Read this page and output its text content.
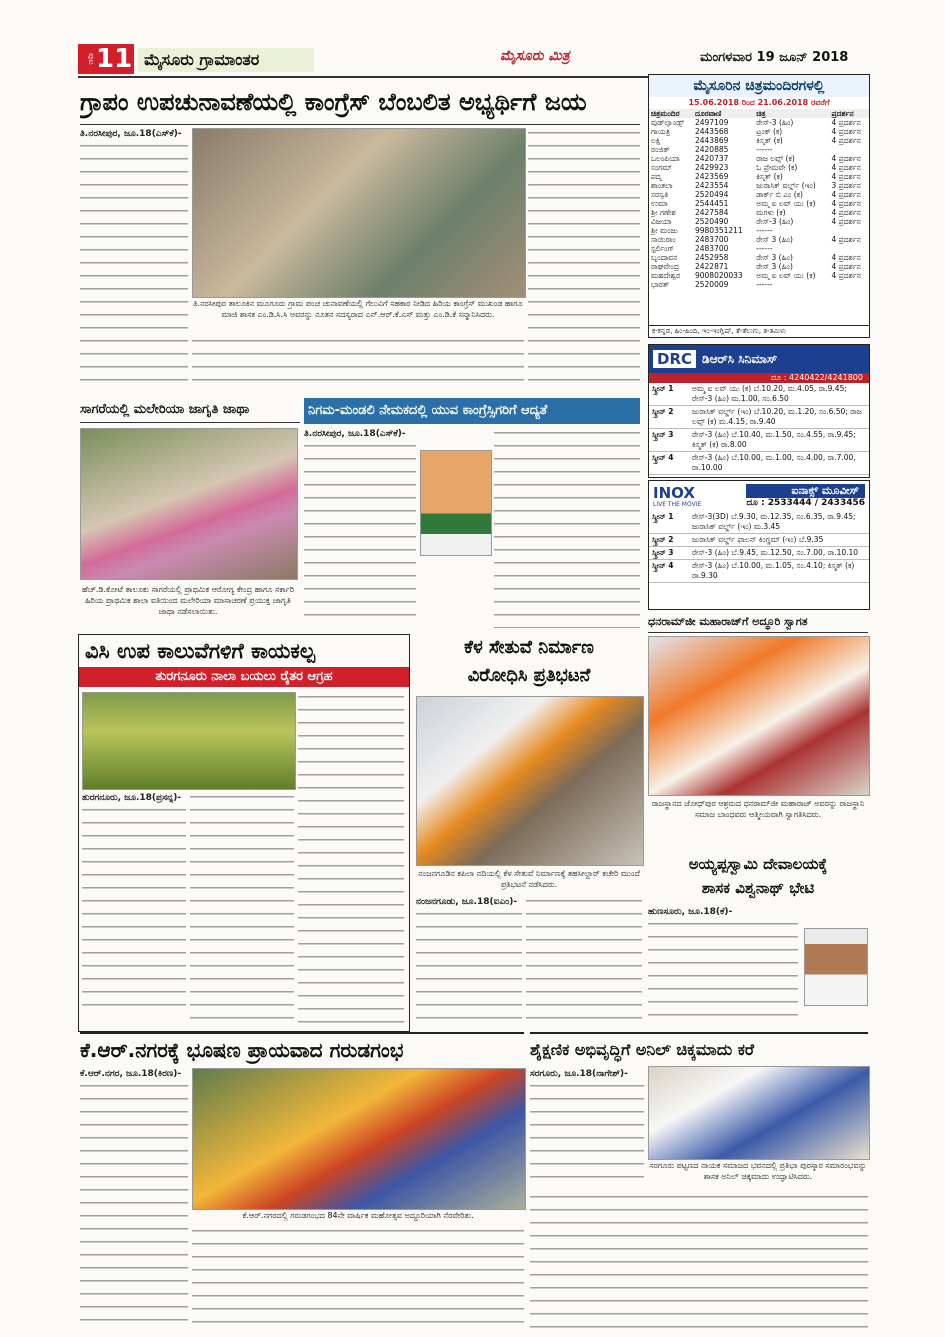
ಪುಟ 11 ಮೈಸೂರು ಗ್ರಾಮಾಂತರ	ಮೈಸೂರು ಮಿತ್ರ	ಮಂಗಳವಾರ 19 ಜೂನ್ 2018
ಗ್ರಾಪಂ ಉಪಚುನಾವಣೆಯಲ್ಲಿ ಕಾಂಗ್ರೆಸ್ ಬೆಂಬಲಿತ ಅಭ್ಯರ್ಥಿಗೆ ಜಯ
ತಿ.ನರಸೀಪುರ, ಜೂ.18(ಎಸ್‌ಕೆ)-
ತಿ.ನರಸೀಪುರ ತಾಲೂಕಿನ ಮೂಗೂರು ಗ್ರಾಮ ಪಂಚ ಚುನಾವಣೆಯಲ್ಲಿ ಗೆಲುವಿಗೆ ಸಹಕಾರ ನೀಡಿದ ಹಿರಿಯ ಕಾಂಗ್ರೆಸ್ ಮುಖಂಡ ಹಾಗೂ ಮಾಜಿ ಶಾಸಕ ಎಂ.ಡಿ.ಸಿ.ಸಿ ಅವರನ್ನು ನೂತನ ಸದಸ್ಯರಾದ ಎನ್.ಆರ್.ಕೆ.ಎಸ್ ಮತ್ತು ಎಂ.ಡಿ.ಕೆ ಸನ್ಮಾನಿಸಿದರು.
ಮೈಸೂರಿನ ಚಿತ್ರಮಂದಿರಗಳಲ್ಲಿ
15.06.2018 ರಿಂದ 21.06.2018 ರವರೆಗೆ
ಚಿತ್ರಮಂದಿರ	ದೂರವಾಣಿ	ಚಿತ್ರ	ಪ್ರದರ್ಶನ
ವುಡ್‌ಲ್ಯಾಂಡ್ಸ್	2497109	ರೇಸ್-3 (ಹಿಂ)	4 ಪ್ರದರ್ಶನ
ಗಾಯತ್ರಿ	2443568	ಟ್ರಂಕ್‌ (ಕ)	4 ಪ್ರದರ್ಶನ
ಲಕ್ಷ್ಮಿ	2443869	ಕಿಸ್ಮತ್ (ಕ)	4 ಪ್ರದರ್ಶನ
ರಂಜಿತ್	2420885	------	
ಒಲಂಪಿಯಾ	2420737	ರಾಜ ಲವ್ಸ್ (ಕ)	4 ಪ್ರದರ್ಶನ
ಸಂಗಮ್	2429923	ಓ ಪ್ರೇಮವೇ (ಕ)	4 ಪ್ರದರ್ಶನ
ಪದ್ಮ	2423569	ಕಿಸ್ಮತ್ (ಕ)	4 ಪ್ರದರ್ಶನ
ಶಾಂತಲಾ	2423554	ಜುರಾಸಿಕ್ ವರ್ಲ್ಡ್ (ಇಂ)	3 ಪ್ರದರ್ಶನ
ಸರಸ್ವತಿ	2520494	ಡಾರ್ಕ್ ಬಿ ಎಂ (ಕ)	4 ಪ್ರದರ್ಶನ
ಉಮಾ	2544451	ಅಮ್ಮ ಐ ಲವ್ ಯು (ಕ)	4 ಪ್ರದರ್ಶನ
ಶ್ರೀ ಗಣೇಶ	2427584	ಮಗಳು (ಕ)	4 ಪ್ರದರ್ಶನ
ವಿಜಯಾ	2520490	ರೇಸ್-3 (ಹಿಂ)	4 ಪ್ರದರ್ಶನ
ಶ್ರೀ ಮಂಜು	9980351211	------	
ಸಾಯಿರಾಂ	2483700	ರೇಸ್ 3 (ಹಿಂ)	4 ಪ್ರದರ್ಶನ
ಸ್ಟರ್ಲಿಂಗ್	2483700	------	
ಬೃಂದಾವನ	2452958	ರೇಸ್ 3 (ಹಿಂ)	4 ಪ್ರದರ್ಶನ
ರಾಘವೇಂದ್ರ	2422871	ರೇಸ್ 3 (ಹಿಂ)	4 ಪ್ರದರ್ಶನ
ಮಹದೇಶ್ವರ	9008020033	ಅಮ್ಮ ಐ ಲವ್ ಯು (ಕ)	4 ಪ್ರದರ್ಶನ
ಭಾರತ್	2520009	------	
ಕ-ಕನ್ನಡ, ಹಿಂ-ಹಿಂದಿ, ಇಂ-ಇಂಗ್ಲಿಷ್, ತೆ-ತೆಲುಗು, ತ-ತಮಿಳು
DRC ಡಿಆರ್‌ಸಿ ಸಿನಿಮಾಸ್
ದೂ : 4240422/4241800
ಸ್ಕ್ರೀನ್ 1	ಅಮ್ಮ ಐ ಲವ್ ಯು (ಕ) ಬೆ.10.20, ಮ.4.05, ರಾ.9.45; ರೇಸ್-3 (ಹಿಂ) ಮ.1.00, ಸಂ.6.50
ಸ್ಕ್ರೀನ್ 2	ಜುರಾಸಿಕ್ ವರ್ಲ್ಡ್ (ಇಂ) ಬೆ.10.20, ಮ.1.20, ಸಂ.6.50; ರಾಜ ಲವ್ಸ್ (ಕ) ಮ.4.15, ರಾ.9.40
ಸ್ಕ್ರೀನ್ 3	ರೇಸ್-3 (ಹಿಂ) ಬೆ.10.40, ಮ.1.50, ಸಂ.4.55, ರಾ.9.45; ಕಿಸ್ಮತ್ (ಕ) ರಾ.8.00
ಸ್ಕ್ರೀನ್ 4	ರೇಸ್-3 (ಹಿಂ) ಬೆ.10.00, ಮ.1.00, ಸಂ.4.00, ರಾ.7.00, ರಾ.10.00
INOX
LIVE THE MOVIE
ಐನಾಕ್ಸ್ ಮೂವೀಸ್
ದೂ : 2533444 / 2433456
ಸ್ಕ್ರೀನ್ 1	ರೇಸ್-3(3D) ಬೆ.9.30, ಮ.12.35, ಸಂ.6.35, ರಾ.9.45; ಜುರಾಸಿಕ್ ವರ್ಲ್ಡ್ (ಇಂ) ಮ.3.45
ಸ್ಕ್ರೀನ್ 2	ಜುರಾಸಿಕ್ ವರ್ಲ್ಡ್ ಫಾಲನ್ ಕಿಂಗ್ಡಮ್ (ಇಂ) ಬೆ.9.35
ಸ್ಕ್ರೀನ್ 3	ರೇಸ್-3 (ಹಿಂ) ಬೆ.9.45, ಮ.12.50, ಸಂ.7.00, ರಾ.10.10
ಸ್ಕ್ರೀನ್ 4	ರೇಸ್-3 (ಹಿಂ) ಬೆ.10.00, ಮ.1.05, ಸಂ.4.10; ಕಿಸ್ಮತ್ (ಕ) ರಾ.9.30
ಸಾಗರೆಯಲ್ಲಿ ಮಲೇರಿಯಾ ಜಾಗೃತಿ ಜಾಥಾ
ಹೆಚ್.ಡಿ.ಕೋಟೆ ತಾಲೂಕು ಸಾಗರೆಯಲ್ಲಿ ಪ್ರಾಥಮಿಕ ಆರೋಗ್ಯ ಕೇಂದ್ರ ಹಾಗೂ ಸರ್ಕಾರಿ ಹಿರಿಯ ಪ್ರಾಥಮಿಕ ಶಾಲಾ ವತಿಯಿಂದ ಮಲೇರಿಯಾ ಮಾಸಾಚರಣೆ ಪ್ರಯುಕ್ತ ಜಾಗೃತಿ ಜಾಥಾ ನಡೆಸಲಾಯಿತು.
ನಿಗಮ-ಮಂಡಲಿ ನೇಮಕದಲ್ಲಿ ಯುವ ಕಾಂಗ್ರೆಸ್ಸಿಗರಿಗೆ ಆದ್ಯತೆ
ತಿ.ನರಸೀಪುರ, ಜೂ.18(ಎಸ್‌ಕೆ)-
ಧನರಾಮ್‌ಜೀ ಮಹಾರಾಜ್‌ಗೆ ಅದ್ಧೂರಿ ಸ್ವಾಗತ
ರಾಜಸ್ಥಾನದ ಜೋಧ್‌ಪುರ ಆಶ್ರಮದ ಧನರಾಮ್‌ಜೀ ಮಹಾರಾಜ್ ಅವರನ್ನು ರಾಜಸ್ಥಾನಿ ಸಮಾಜ ಬಾಂಧವರು ಆತ್ಮೀಯವಾಗಿ ಸ್ವಾಗತಿಸಿದರು.
ವಿಸಿ ಉಪ ಕಾಲುವೆಗಳಿಗೆ ಕಾಯಕಲ್ಪ
ತುರಗನೂರು ನಾಲಾ ಬಯಲು ರೈತರ ಆಗ್ರಹ
ತುರಗನೂರು, ಜೂ.18(ಪ್ರಸನ್ನ)-
ಕೆಳ ಸೇತುವೆ ನಿರ್ಮಾಣ
ವಿರೋಧಿಸಿ ಪ್ರತಿಭಟನೆ
ನಂಜನಗೂಡಿನ ಕಪಿಲಾ ನದಿಯಲ್ಲಿ ಕೆಳ ಸೇತುವೆ ನಿರ್ಮಾಣಕ್ಕೆ ತಹಸೀಲ್ದಾರ್ ಕಚೇರಿ ಮುಂದೆ ಪ್ರತಿಭಟನೆ ನಡೆಸಿದರು.
ನಂಜನಗೂಡು, ಜೂ.18(ಐಎಂ)-
ಅಯ್ಯಪ್ಪಸ್ವಾಮಿ ದೇವಾಲಯಕ್ಕೆ
ಶಾಸಕ ವಿಶ್ವನಾಥ್ ಭೇಟಿ
ಹುಣಸೂರು, ಜೂ.18(ಕೆ)-
ಕೆ.ಆರ್.ನಗರಕ್ಕೆ ಭೂಷಣ ಪ್ರಾಯವಾದ ಗರುಡಗಂಭ
ಕೆ.ಆರ್.ನಗರ, ಜೂ.18(ಕಿರಣ)-
ಕೆ.ಆರ್.ನಗರದಲ್ಲಿ ಗರುಡಗಂಭದ 84ನೇ ವಾರ್ಷಿಕ ಮಹೋತ್ಸವ ಅದ್ದೂರಿಯಾಗಿ ನೆರವೇರಿತು.
ಶೈಕ್ಷಣಿಕ ಅಭಿವೃದ್ಧಿಗೆ ಅನಿಲ್ ಚಿಕ್ಕಮಾದು ಕರೆ
ಸರಗೂರು, ಜೂ.18(ನಾಗೇಶ್)-
ಸರಗೂರು ಪಟ್ಟಣದ ನಾಯಕ ಸಮಾಜದ ಭವನದಲ್ಲಿ ಪ್ರತಿಭಾ ಪುರಸ್ಕಾರ ಸಮಾರಂಭವನ್ನು ಶಾಸಕ ಅನಿಲ್ ಚಿಕ್ಕಮಾದು ಉದ್ಘಾಟಿಸಿದರು.
